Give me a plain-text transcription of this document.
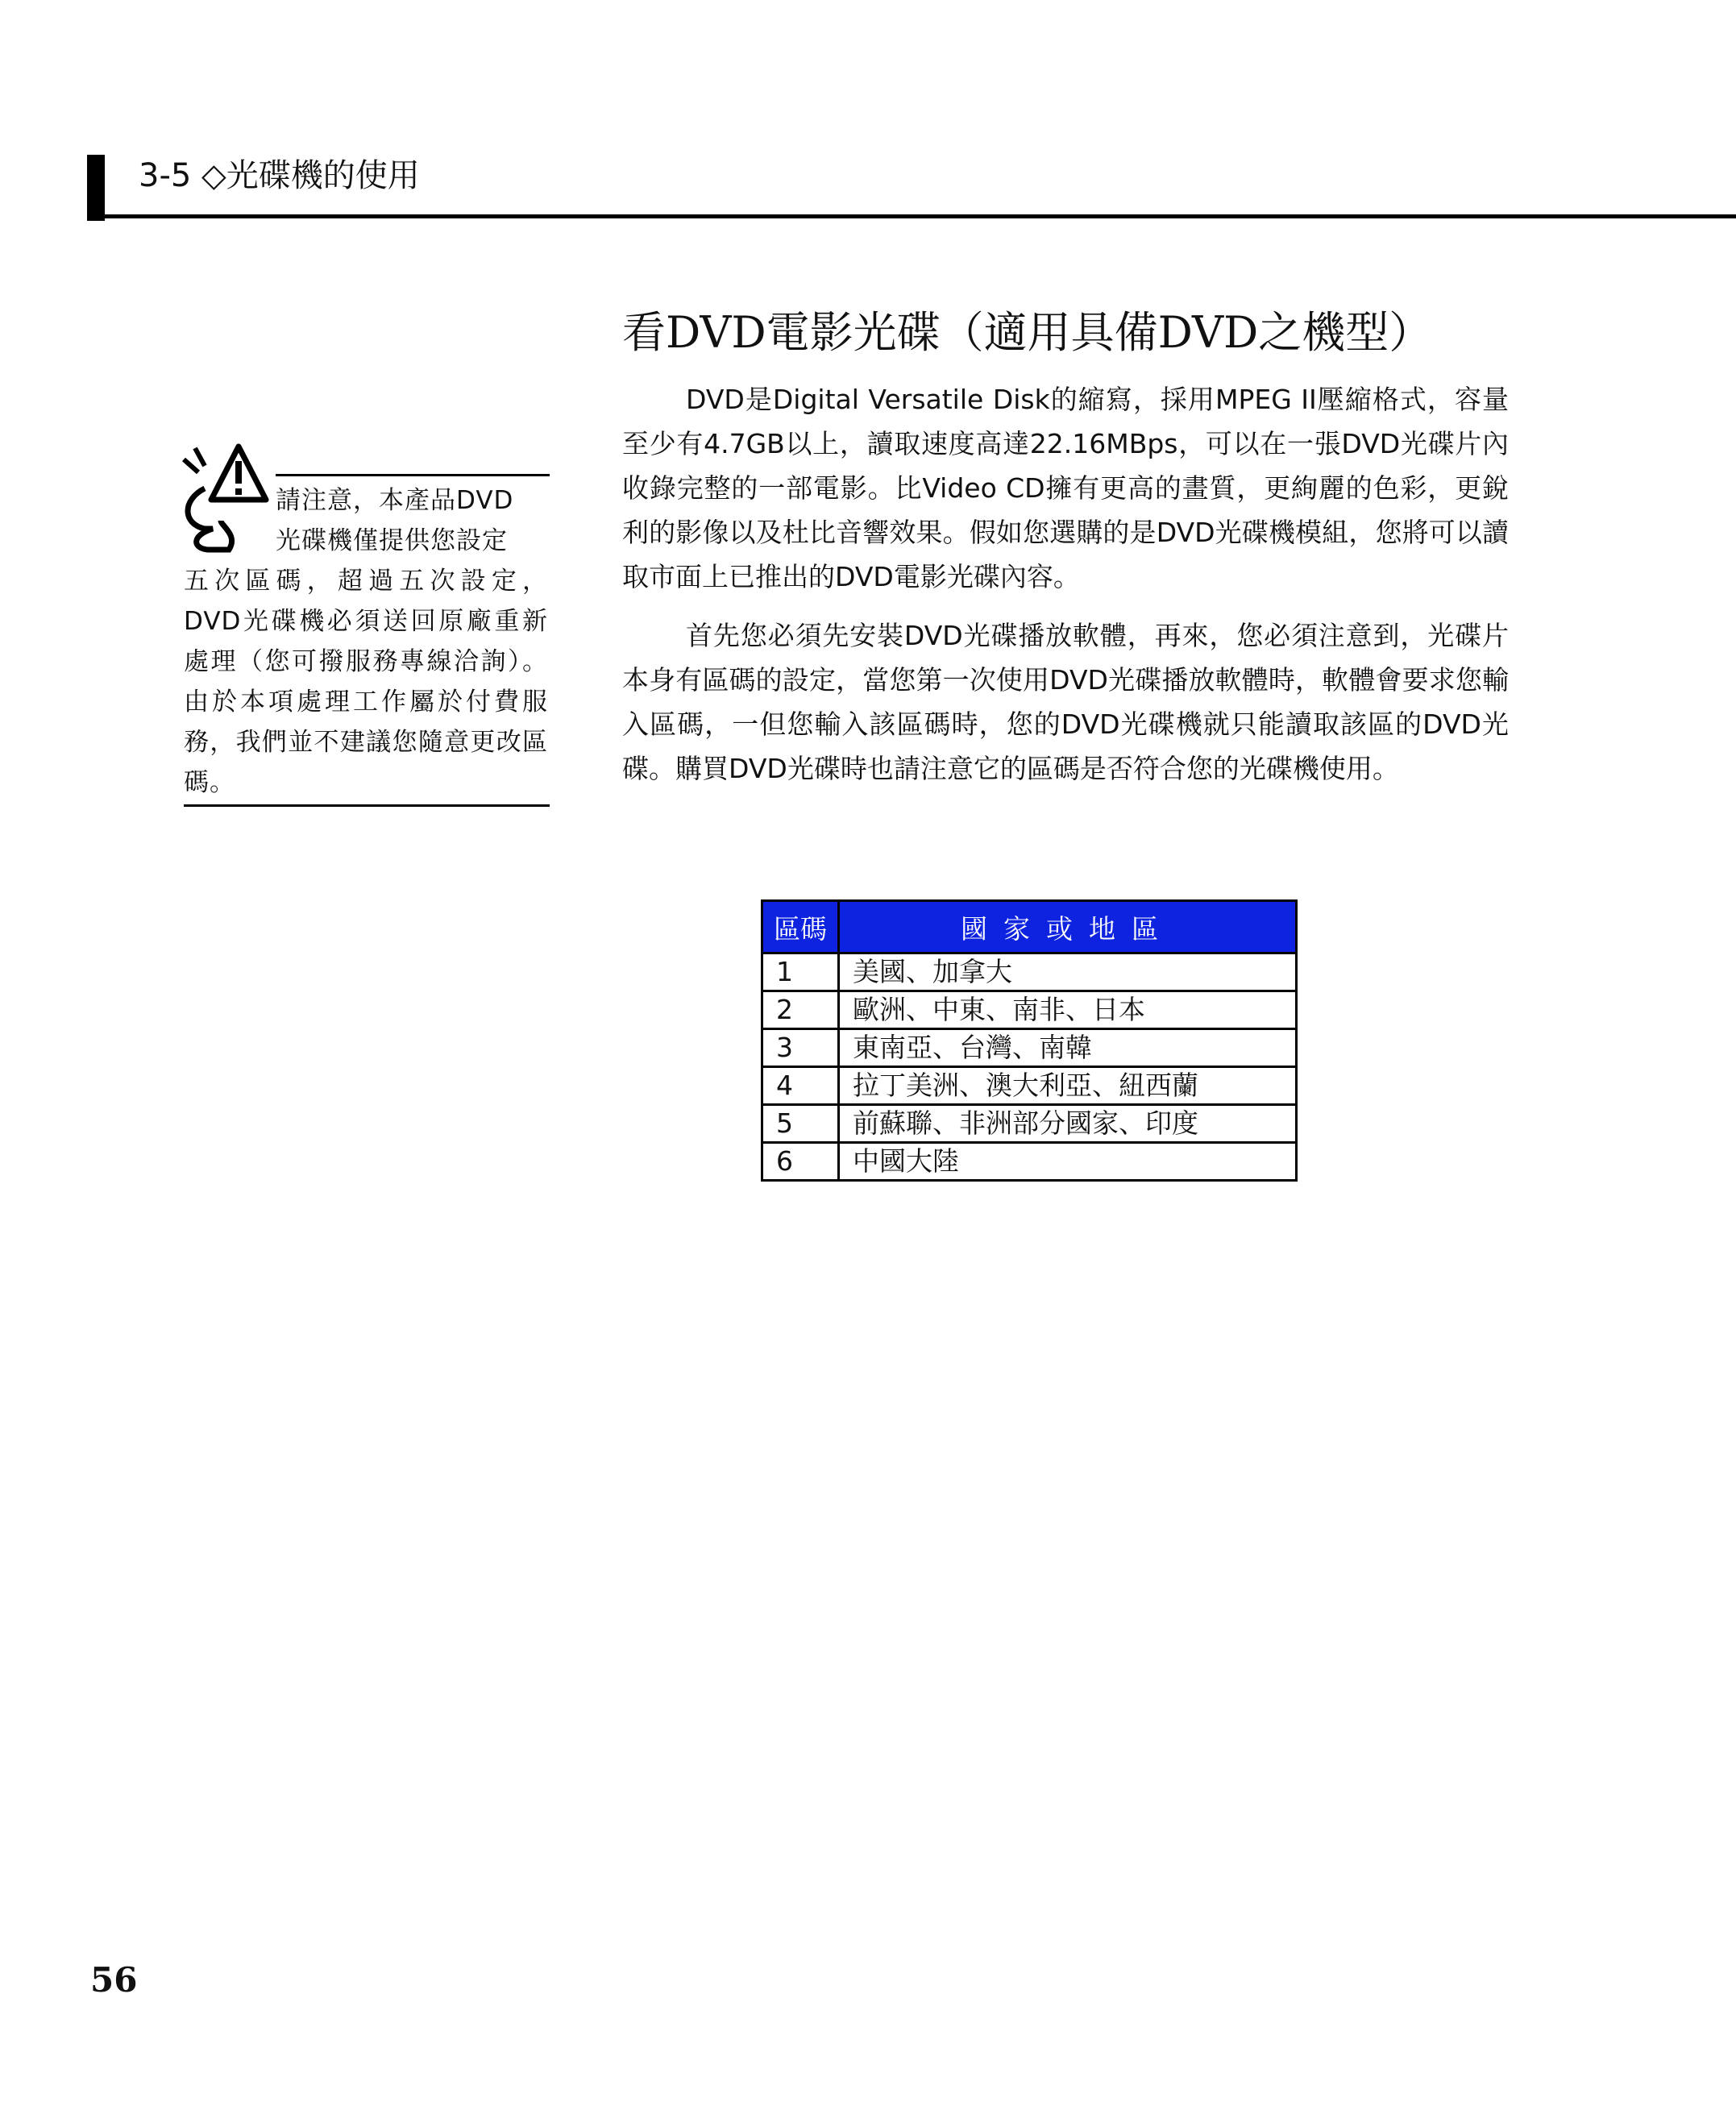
3-5 ◇光碟機的使用
請注意，本產品DVD
光碟機僅提供您設定
五次區碼，超過五次設定，DVD光碟機必須送回原廠重新處理（您可撥服務專線洽詢）。由於本項處理工作屬於付費服務，我們並不建議您隨意更改區碼。
看DVD電影光碟（適用具備DVD之機型）

DVD是Digital Versatile Disk的縮寫，採用MPEG II壓縮格式，容量至少有4.7GB以上，讀取速度高達22.16MBps，可以在一張DVD光碟片內收錄完整的一部電影。比Video CD擁有更高的畫質，更絢麗的色彩，更銳利的影像以及杜比音響效果。假如您選購的是DVD光碟機模組，您將可以讀取市面上已推出的DVD電影光碟內容。

首先您必須先安裝DVD光碟播放軟體，再來，您必須注意到，光碟片本身有區碼的設定，當您第一次使用DVD光碟播放軟體時，軟體會要求您輸入區碼，一但您輸入該區碼時，您的DVD光碟機就只能讀取該區的DVD光碟。購買DVD光碟時也請注意它的區碼是否符合您的光碟機使用。

區碼	國家或地區
1	美國、加拿大
2	歐洲、中東、南非、日本
3	東南亞、台灣、南韓
4	拉丁美洲、澳大利亞、紐西蘭
5	前蘇聯、非洲部分國家、印度
6	中國大陸
56
